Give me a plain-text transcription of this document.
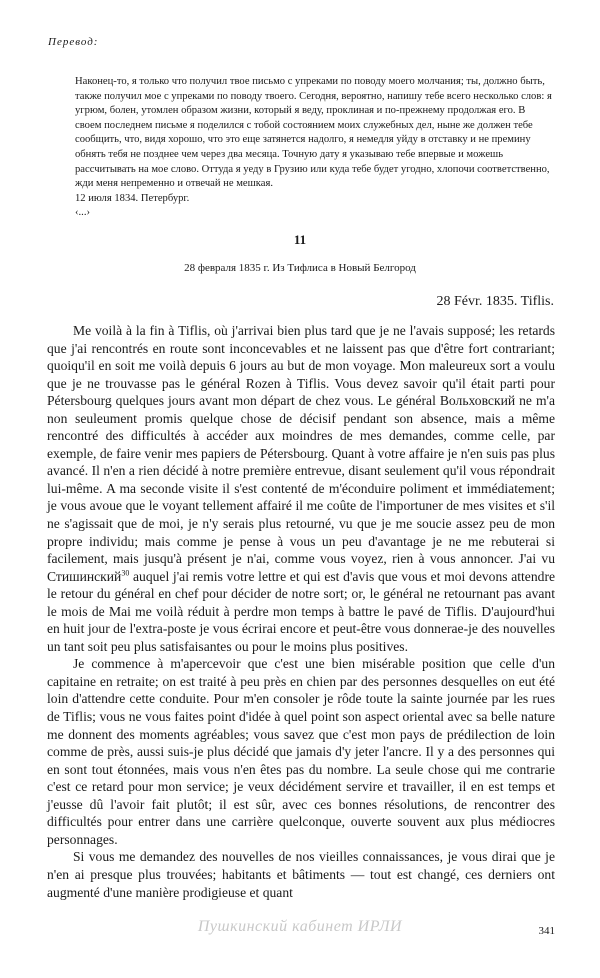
Перевод:

Наконец-то, я только что получил твое письмо с упреками по поводу моего молчания; ты, должно быть, также получил мое с упреками по поводу твоего. Сегодня, вероятно, напишу тебе всего несколько слов: я угрюм, болен, утомлен образом жизни, который я веду, проклиная и по-прежнему продолжая его. В своем последнем письме я поделился с тобой состоянием моих служебных дел, ныне же должен тебе сообщить, что, видя хорошо, что это еще затянется надолго, я немедля уйду в отставку и не премину обнять тебя не позднее чем через два месяца. Точную дату я указываю тебе впервые и можешь рассчитывать на мое слово. Оттуда я уеду в Грузию или куда тебе будет угодно, хлопочи соответственно, жди меня непременно и отвечай не мешкая.

12 июля 1834. Петербург.

‹...›

11
28 февраля 1835 г. Из Тифлиса в Новый Белгород
28 Févr. 1835. Tiflis.

Me voilà à la fin à Tiflis, où j'arrivai bien plus tard que je ne l'avais supposé; les retards que j'ai rencontrés en route sont inconcevables et ne laissent pas que d'être fort contrariant; quoiqu'il en soit me voilà depuis 6 jours au but de mon voyage. Mon maleureux sort a voulu que je ne trouvasse pas le général Rozen à Tiflis. Vous devez savoir qu'il était parti pour Pétersbourg quelques jours avant mon départ de chez vous. Le général Вольховский ne m'a non seuleument promis quelque chose de décisif pendant son absence, mais a même rencontré des difficultés à accéder aux moindres de mes demandes, comme celle, par exemple, de faire venir mes papiers de Pétersbourg. Quant à votre affaire je n'en suis pas plus avancé. Il n'en a rien décidé à notre première entrevue, disant seulement qu'il vous répondrait lui-même. A ma seconde visite il s'est contenté de m'éconduire poliment et immédiatement; je vous avoue que le voyant tellement affairé il me coûte de l'importuner de mes visites et s'il ne s'agissait que de moi, je n'y serais plus retourné, vu que je me soucie assez peu de mon propre individu; mais comme je pense à vous un peu d'avantage je ne me rebuterai si facilement, mais jusqu'à présent je n'ai, comme vous voyez, rien à vous annoncer. J'ai vu Стишинский$^{30}$ auquel j'ai remis votre lettre et qui est d'avis que vous et moi devons attendre le retour du général en chef pour décider de notre sort; or, le général ne retournant pas avant le mois de Mai me voilà réduit à perdre mon temps à battre le pavé de Tiflis. D'aujourd'hui en huit jour de l'extra-poste je vous écrirai encore et peut-être vous donnerae-je des nouvelles un tant soit peu plus satisfaisantes ou pour le moins plus positives.

Je commence à m'apercevoir que c'est une bien misérable position que celle d'un capitaine en retraite; on est traité à peu près en chien par des personnes desquelles on eut été loin d'attendre cette conduite. Pour m'en consoler je rôde toute la sainte journée par les rues de Tiflis; vous ne vous faites point d'idée à quel point son aspect oriental avec sa belle nature me donnent des moments agréables; vous savez que c'est mon pays de prédilection de loin comme de près, aussi suis-je plus décidé que jamais d'y jeter l'ancre. Il y a des personnes qui en sont tout étonnées, mais vous n'en êtes pas du nombre. La seule chose qui me contrarie c'est ce retard pour mon service; je veux décidément servire et travailler, il en est temps et j'eusse dû l'avoir fait plutôt; il est sûr, avec ces bonnes résolutions, de rencontrer des difficultés pour entrer dans une carrière quelconque, ouverte souvent aux plus médiocres personnages.

Si vous me demandez des nouvelles de nos vieilles connaissances, je vous dirai que je n'en ai presque plus trouvées; habitants et bâtiments — tout est changé, ces derniers ont augmenté d'une manière prodigieuse et quant

Пушкинский кабинет ИРЛИ	341
